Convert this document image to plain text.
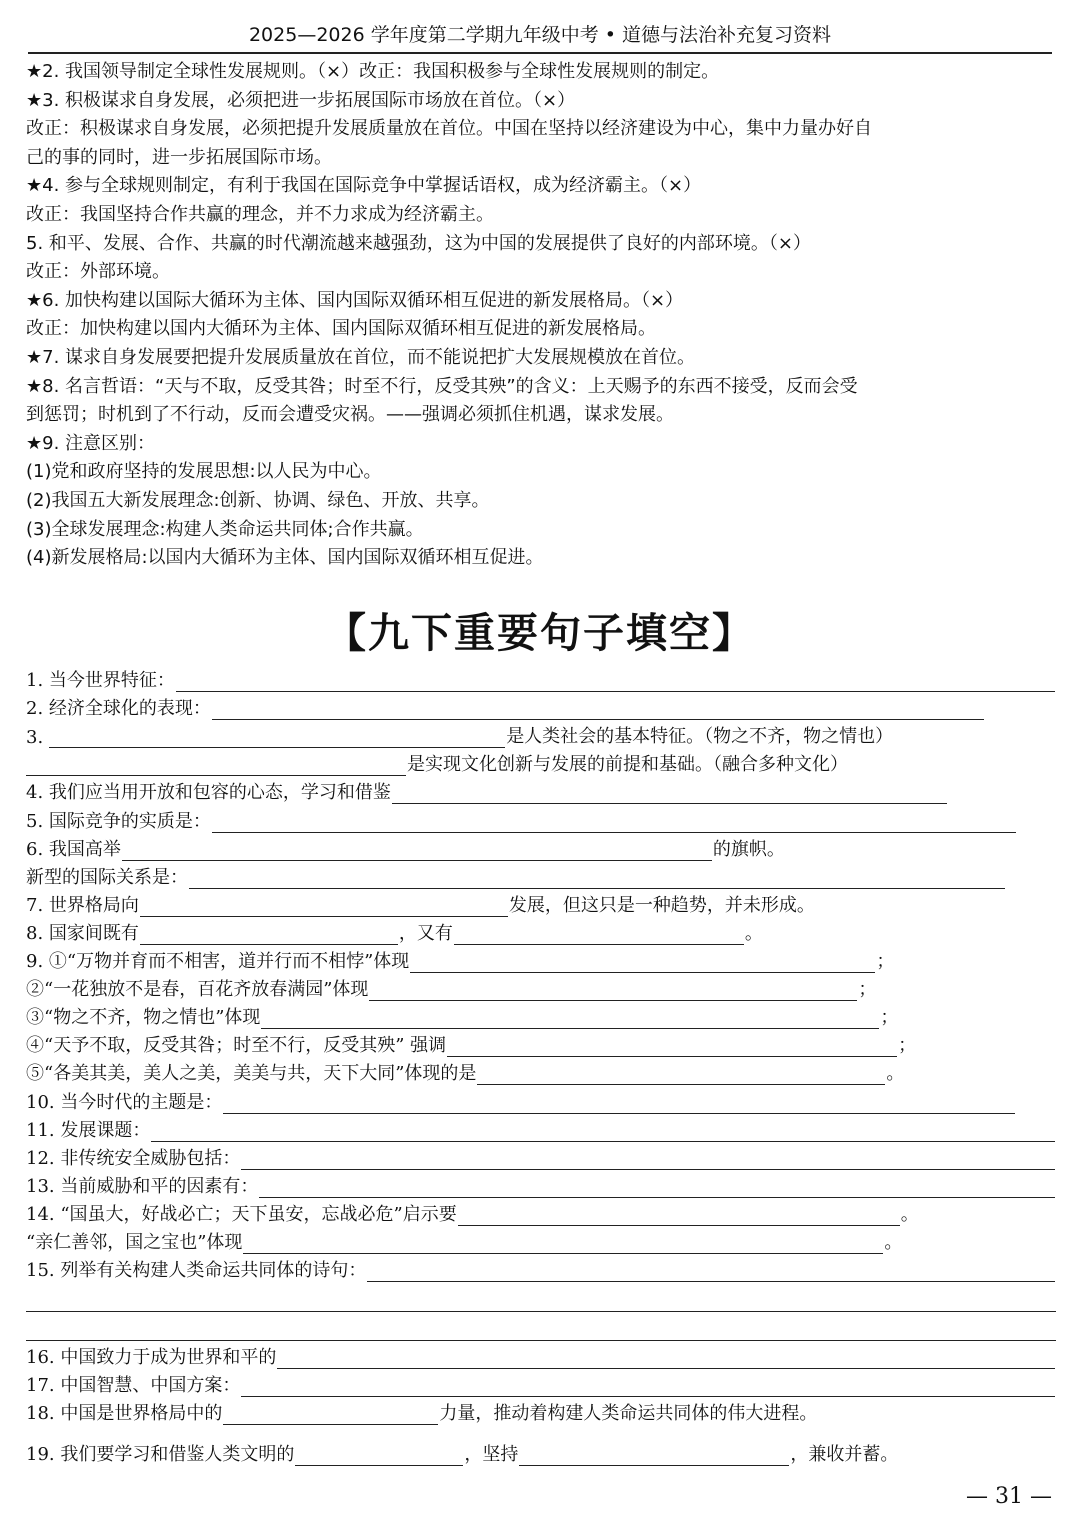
2025—2026 学年度第二学期九年级中考 • 道德与法治补充复习资料
★2. 我国领导制定全球性发展规则。（×）改正：我国积极参与全球性发展规则的制定。
★3. 积极谋求自身发展，必须把进一步拓展国际市场放在首位。（×）
改正：积极谋求自身发展，必须把提升发展质量放在首位。中国在坚持以经济建设为中心，集中力量办好自
己的事的同时，进一步拓展国际市场。
★4. 参与全球规则制定，有利于我国在国际竞争中掌握话语权，成为经济霸主。（×）
改正：我国坚持合作共赢的理念，并不力求成为经济霸主。
5. 和平、发展、合作、共赢的时代潮流越来越强劲，这为中国的发展提供了良好的内部环境。（×）
改正：外部环境。
★6. 加快构建以国际大循环为主体、国内国际双循环相互促进的新发展格局。（×）
改正：加快构建以国内大循环为主体、国内国际双循环相互促进的新发展格局。
★7. 谋求自身发展要把提升发展质量放在首位，而不能说把扩大发展规模放在首位。
★8. 名言哲语：“天与不取，反受其咎；时至不行，反受其殃”的含义：上天赐予的东西不接受，反而会受
到惩罚；时机到了不行动，反而会遭受灾祸。——强调必须抓住机遇，谋求发展。
★9. 注意区别：
(1)党和政府坚持的发展思想:以人民为中心。
(2)我国五大新发展理念:创新、协调、绿色、开放、共享。
(3)全球发展理念:构建人类命运共同体;合作共赢。
(4)新发展格局:以国内大循环为主体、国内国际双循环相互促进。
【九下重要句子填空】
1. 当今世界特征：
2. 经济全球化的表现：
3.	是人类社会的基本特征。（物之不齐，物之情也）
是实现文化创新与发展的前提和基础。（融合多种文化）
4. 我们应当用开放和包容的心态，学习和借鉴
5. 国际竞争的实质是：
6. 我国高举	的旗帜。
新型的国际关系是：
7. 世界格局向	发展，但这只是一种趋势，并未形成。
8. 国家间既有	，又有	。
9. ①“万物并育而不相害，道并行而不相悖”体现	；
②“一花独放不是春，百花齐放春满园”体现	；
③“物之不齐，物之情也”体现	；
④“天予不取，反受其咎；时至不行，反受其殃” 强调	；
⑤“各美其美，美人之美，美美与共，天下大同”体现的是	。
10. 当今时代的主题是：
11. 发展课题：
12. 非传统安全威胁包括：
13. 当前威胁和平的因素有：
14. “国虽大，好战必亡；天下虽安，忘战必危”启示要	。
“亲仁善邻，国之宝也”体现	。
15. 列举有关构建人类命运共同体的诗句：
16. 中国致力于成为世界和平的
17. 中国智慧、中国方案：
18. 中国是世界格局中的	力量，推动着构建人类命运共同体的伟大进程。
19. 我们要学习和借鉴人类文明的	，坚持	，兼收并蓄。
— 31 —
